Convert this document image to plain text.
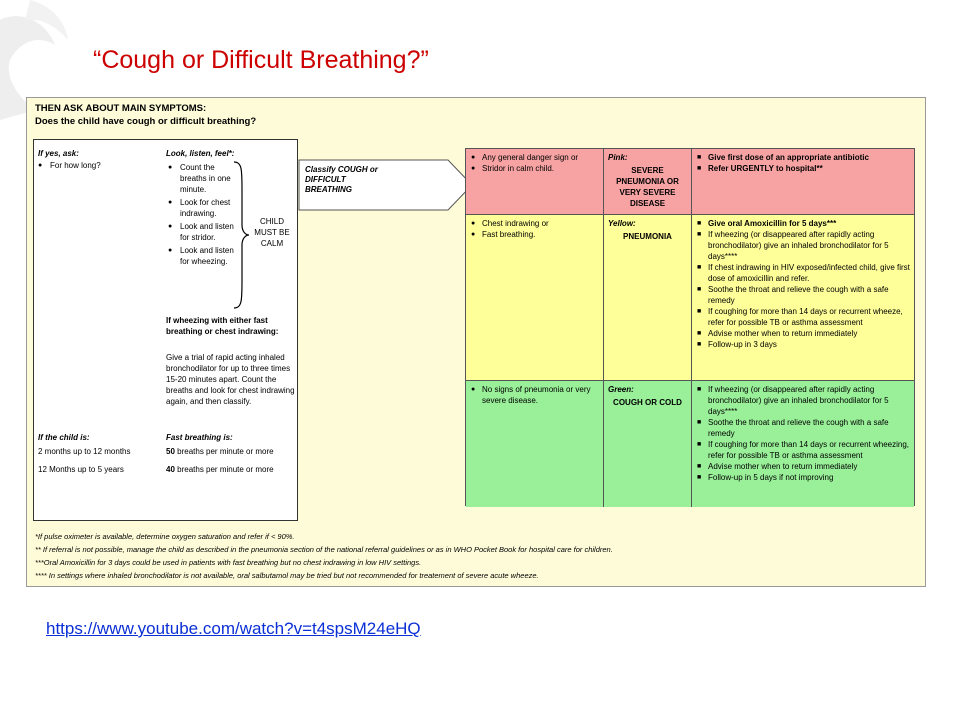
“Cough or Difficult Breathing?”
THEN ASK ABOUT MAIN SYMPTOMS:
Does the child have cough or difficult breathing?
If yes, ask:
● For how long?
Look, listen, feel*:
● Count the breaths in one minute.
● Look for chest indrawing.
● Look and listen for stridor.
● Look and listen for wheezing.
If wheezing with either fast breathing or chest indrawing:
Give a trial of rapid acting inhaled bronchodilator for up to three times 15-20 minutes apart. Count the breaths and look for chest indrawing again, and then classify.
If the child is:	Fast breathing is:
2 months up to 12 months	50 breaths per minute or more
12 Months up to 5 years	40 breaths per minute or more
CHILD MUST BE CALM
Classify COUGH or DIFFICULT BREATHING
● Any general danger sign or
● Stridor in calm child.
Pink:
SEVERE PNEUMONIA OR VERY SEVERE DISEASE
■ Give first dose of an appropriate antibiotic
■ Refer URGENTLY to hospital**
● Chest indrawing or
● Fast breathing.
Yellow:
PNEUMONIA
■ Give oral Amoxicillin for 5 days***
■ If wheezing (or disappeared after rapidly acting bronchodilator) give an inhaled bronchodilator for 5 days****
■ If chest indrawing in HIV exposed/infected child, give first dose of amoxicillin and refer.
■ Soothe the throat and relieve the cough with a safe remedy
■ If coughing for more than 14 days or recurrent wheeze, refer for possible TB or asthma assessment
■ Advise mother when to return immediately
■ Follow-up in 3 days
● No signs of pneumonia or very severe disease.
Green:
COUGH OR COLD
■ If wheezing (or disappeared after rapidly acting bronchodilator) give an inhaled bronchodilator for 5 days****
■ Soothe the throat and relieve the cough with a safe remedy
■ If coughing for more than 14 days or recurrent wheezing, refer for possible TB or asthma assessment
■ Advise mother when to return immediately
■ Follow-up in 5 days if not improving
*If pulse oximeter is available, determine oxygen saturation and refer if < 90%.
** If referral is not possible, manage the child as described in the pneumonia section of the national referral guidelines or as in WHO Pocket Book for hospital care for children.
***Oral Amoxicillin for 3 days could be used in patients with fast breathing but no chest indrawing in low HIV settings.
**** In settings where inhaled bronchodilator is not available, oral salbutamol may be tried but not recommended for treatement of severe acute wheeze.
https://www.youtube.com/watch?v=t4spsM24eHQ
